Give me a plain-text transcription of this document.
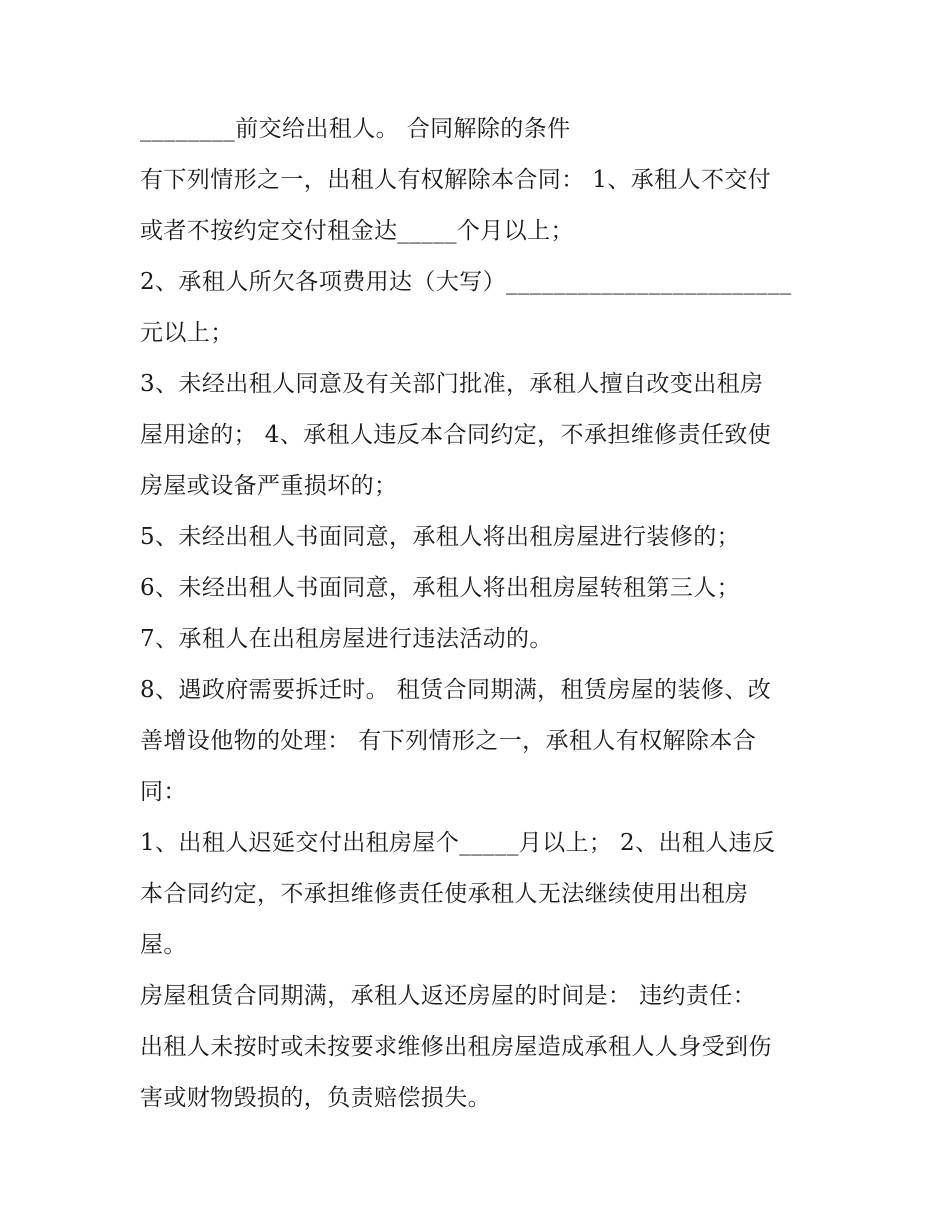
________前交给出租人。 合同解除的条件
有下列情形之一，出租人有权解除本合同： 1、承租人不交付
或者不按约定交付租金达_____个月以上；
2、承租人所欠各项费用达（大写）________________________
元以上；
3、未经出租人同意及有关部门批准，承租人擅自改变出租房
屋用途的； 4、承租人违反本合同约定，不承担维修责任致使
房屋或设备严重损坏的；
5、未经出租人书面同意，承租人将出租房屋进行装修的；
6、未经出租人书面同意，承租人将出租房屋转租第三人；
7、承租人在出租房屋进行违法活动的。
8、遇政府需要拆迁时。 租赁合同期满，租赁房屋的装修、改
善增设他物的处理： 有下列情形之一，承租人有权解除本合
同：
1、出租人迟延交付出租房屋个_____月以上； 2、出租人违反
本合同约定，不承担维修责任使承租人无法继续使用出租房
屋。
房屋租赁合同期满，承租人返还房屋的时间是： 违约责任：
出租人未按时或未按要求维修出租房屋造成承租人人身受到伤
害或财物毁损的，负责赔偿损失。
